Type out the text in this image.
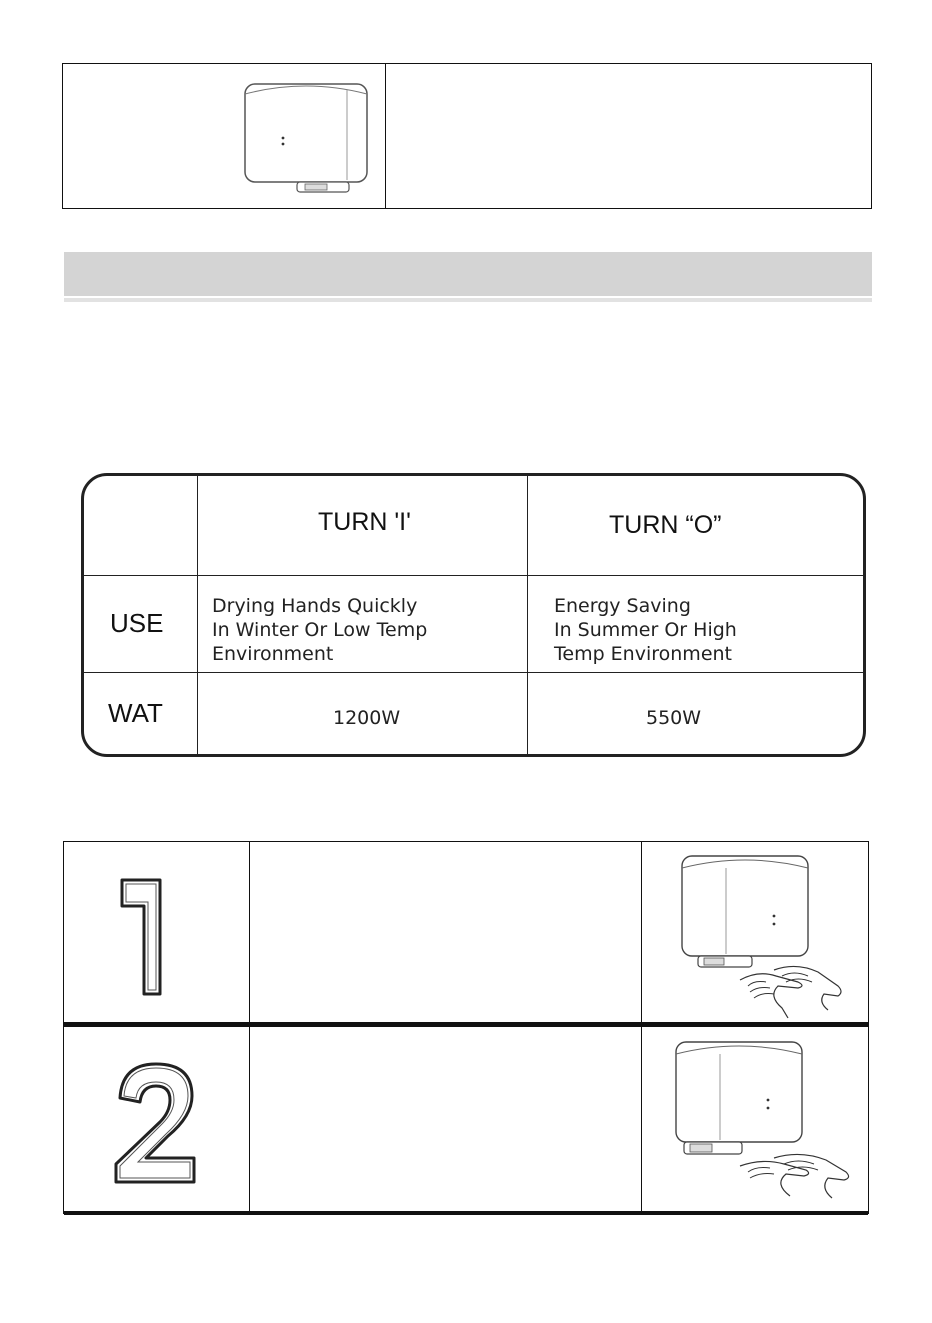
TURN 'I'	TURN “O”
USE
WAT
Drying Hands Quickly
In Winter Or Low Temp
Environment
Energy Saving
In Summer Or High
Temp Environment
1200W	550W
